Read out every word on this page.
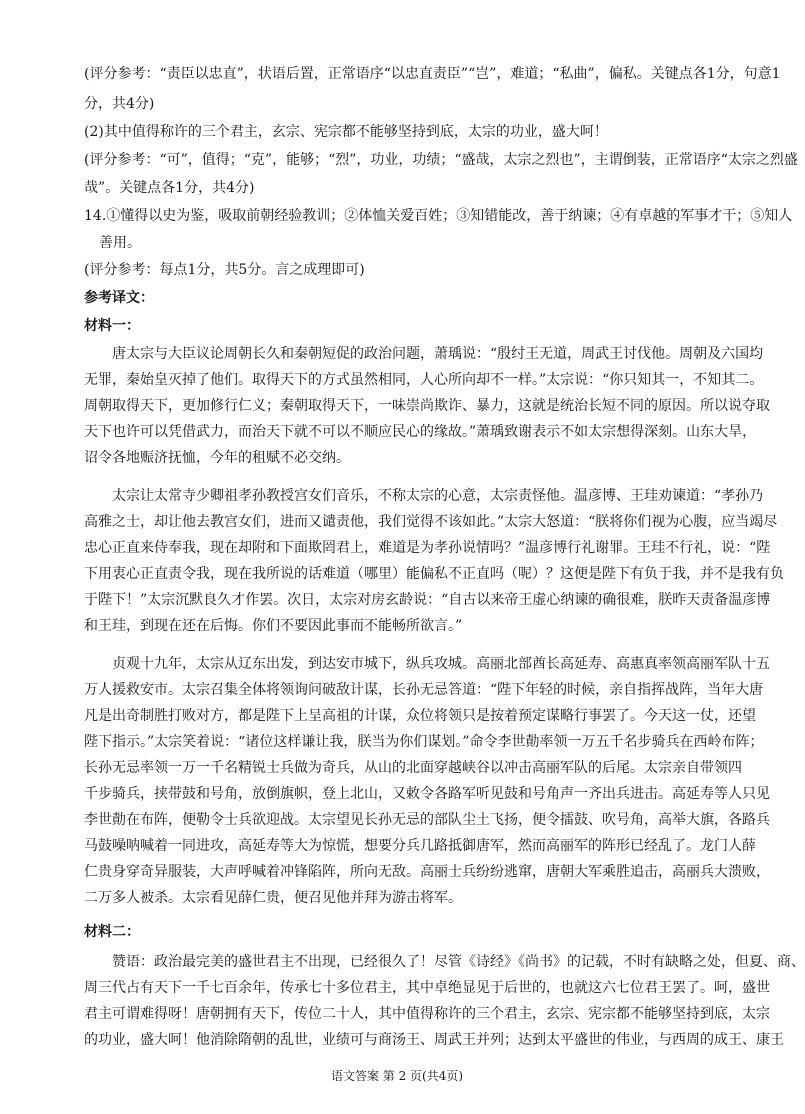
(评分参考：“责臣以忠直”，状语后置，正常语序“以忠直责臣”“岂”，难道；“私曲”，偏私。关键点各1分，句意1
分，共4分)
(2)其中值得称许的三个君主，玄宗、宪宗都不能够坚持到底，太宗的功业，盛大呵！
(评分参考：“可”，值得；“克”，能够；“烈”，功业，功绩；“盛哉，太宗之烈也”，主谓倒装，正常语序“太宗之烈盛
哉”。关键点各1分，共4分)
14.①懂得以史为鉴，吸取前朝经验教训；②体恤关爱百姓；③知错能改，善于纳谏；④有卓越的军事才干；⑤知人
善用。
(评分参考：每点1分，共5分。言之成理即可)
参考译文：
材料一：
唐太宗与大臣议论周朝长久和秦朝短促的政治问题，萧瑀说：“殷纣王无道，周武王讨伐他。周朝及六国均
无罪，秦始皇灭掉了他们。取得天下的方式虽然相同，人心所向却不一样。”太宗说：“你只知其一，不知其二。
周朝取得天下，更加修行仁义；秦朝取得天下，一味崇尚欺诈、暴力，这就是统治长短不同的原因。所以说夺取
天下也许可以凭借武力，而治天下就不可以不顺应民心的缘故。”萧瑀致谢表示不如太宗想得深刻。山东大旱，
诏令各地赈济抚恤，今年的租赋不必交纳。
太宗让太常寺少卿祖孝孙教授宫女们音乐，不称太宗的心意，太宗责怪他。温彦博、王珪劝谏道：“孝孙乃
高雅之士，却让他去教宫女们，进而又谴责他，我们觉得不该如此。”太宗大怒道：“朕将你们视为心腹，应当竭尽
忠心正直来侍奉我，现在却附和下面欺罔君上，难道是为孝孙说情吗？”温彦博行礼谢罪。王珪不行礼，说：“陛
下用衷心正直责令我，现在我所说的话难道（哪里）能偏私不正直吗（呢）？这便是陛下有负于我，并不是我有负
于陛下！”太宗沉默良久才作罢。次日，太宗对房玄龄说：“自古以来帝王虚心纳谏的确很难，朕昨天责备温彦博
和王珪，到现在还在后悔。你们不要因此事而不能畅所欲言。”
贞观十九年，太宗从辽东出发，到达安市城下，纵兵攻城。高丽北部酋长高延寿、高惠真率领高丽军队十五
万人援救安市。太宗召集全体将领询问破敌计谋，长孙无忌答道：“陛下年轻的时候，亲自指挥战阵，当年大唐
凡是出奇制胜打败对方，都是陛下上呈高祖的计谋，众位将领只是按着预定谋略行事罢了。今天这一仗，还望
陛下指示。”太宗笑着说：“诸位这样谦让我，朕当为你们谋划。”命令李世勣率领一万五千名步骑兵在西岭布阵；
长孙无忌率领一万一千名精锐士兵做为奇兵，从山的北面穿越峡谷以冲击高丽军队的后尾。太宗亲自带领四
千步骑兵，挟带鼓和号角，放倒旗帜，登上北山，又敕令各路军听见鼓和号角声一齐出兵进击。高延寿等人只见
李世勣在布阵，便勒令士兵欲迎战。太宗望见长孙无忌的部队尘土飞扬，便令擂鼓、吹号角，高举大旗，各路兵
马鼓噪呐喊着一同进攻，高延寿等大为惊慌，想要分兵几路抵御唐军，然而高丽军的阵形已经乱了。龙门人薛
仁贵身穿奇异服装，大声呼喊着冲锋陷阵，所向无敌。高丽士兵纷纷逃窜，唐朝大军乘胜追击，高丽兵大溃败，
二万多人被杀。太宗看见薛仁贵，便召见他并拜为游击将军。
材料二：
赞语：政治最完美的盛世君主不出现，已经很久了！尽管《诗经》《尚书》的记载，不时有缺略之处，但夏、商、
周三代占有天下一千七百余年，传承七十多位君主，其中卓绝显见于后世的，也就这六七位君王罢了。呵，盛世
君主可谓难得呀！唐朝拥有天下，传位二十人，其中值得称许的三个君主，玄宗、宪宗都不能够坚持到底，太宗
的功业，盛大呵！他消除隋朝的乱世，业绩可与商汤王、周武王并列；达到太平盛世的伟业，与西周的成王、康王
语文答案 第 2 页(共4页)
